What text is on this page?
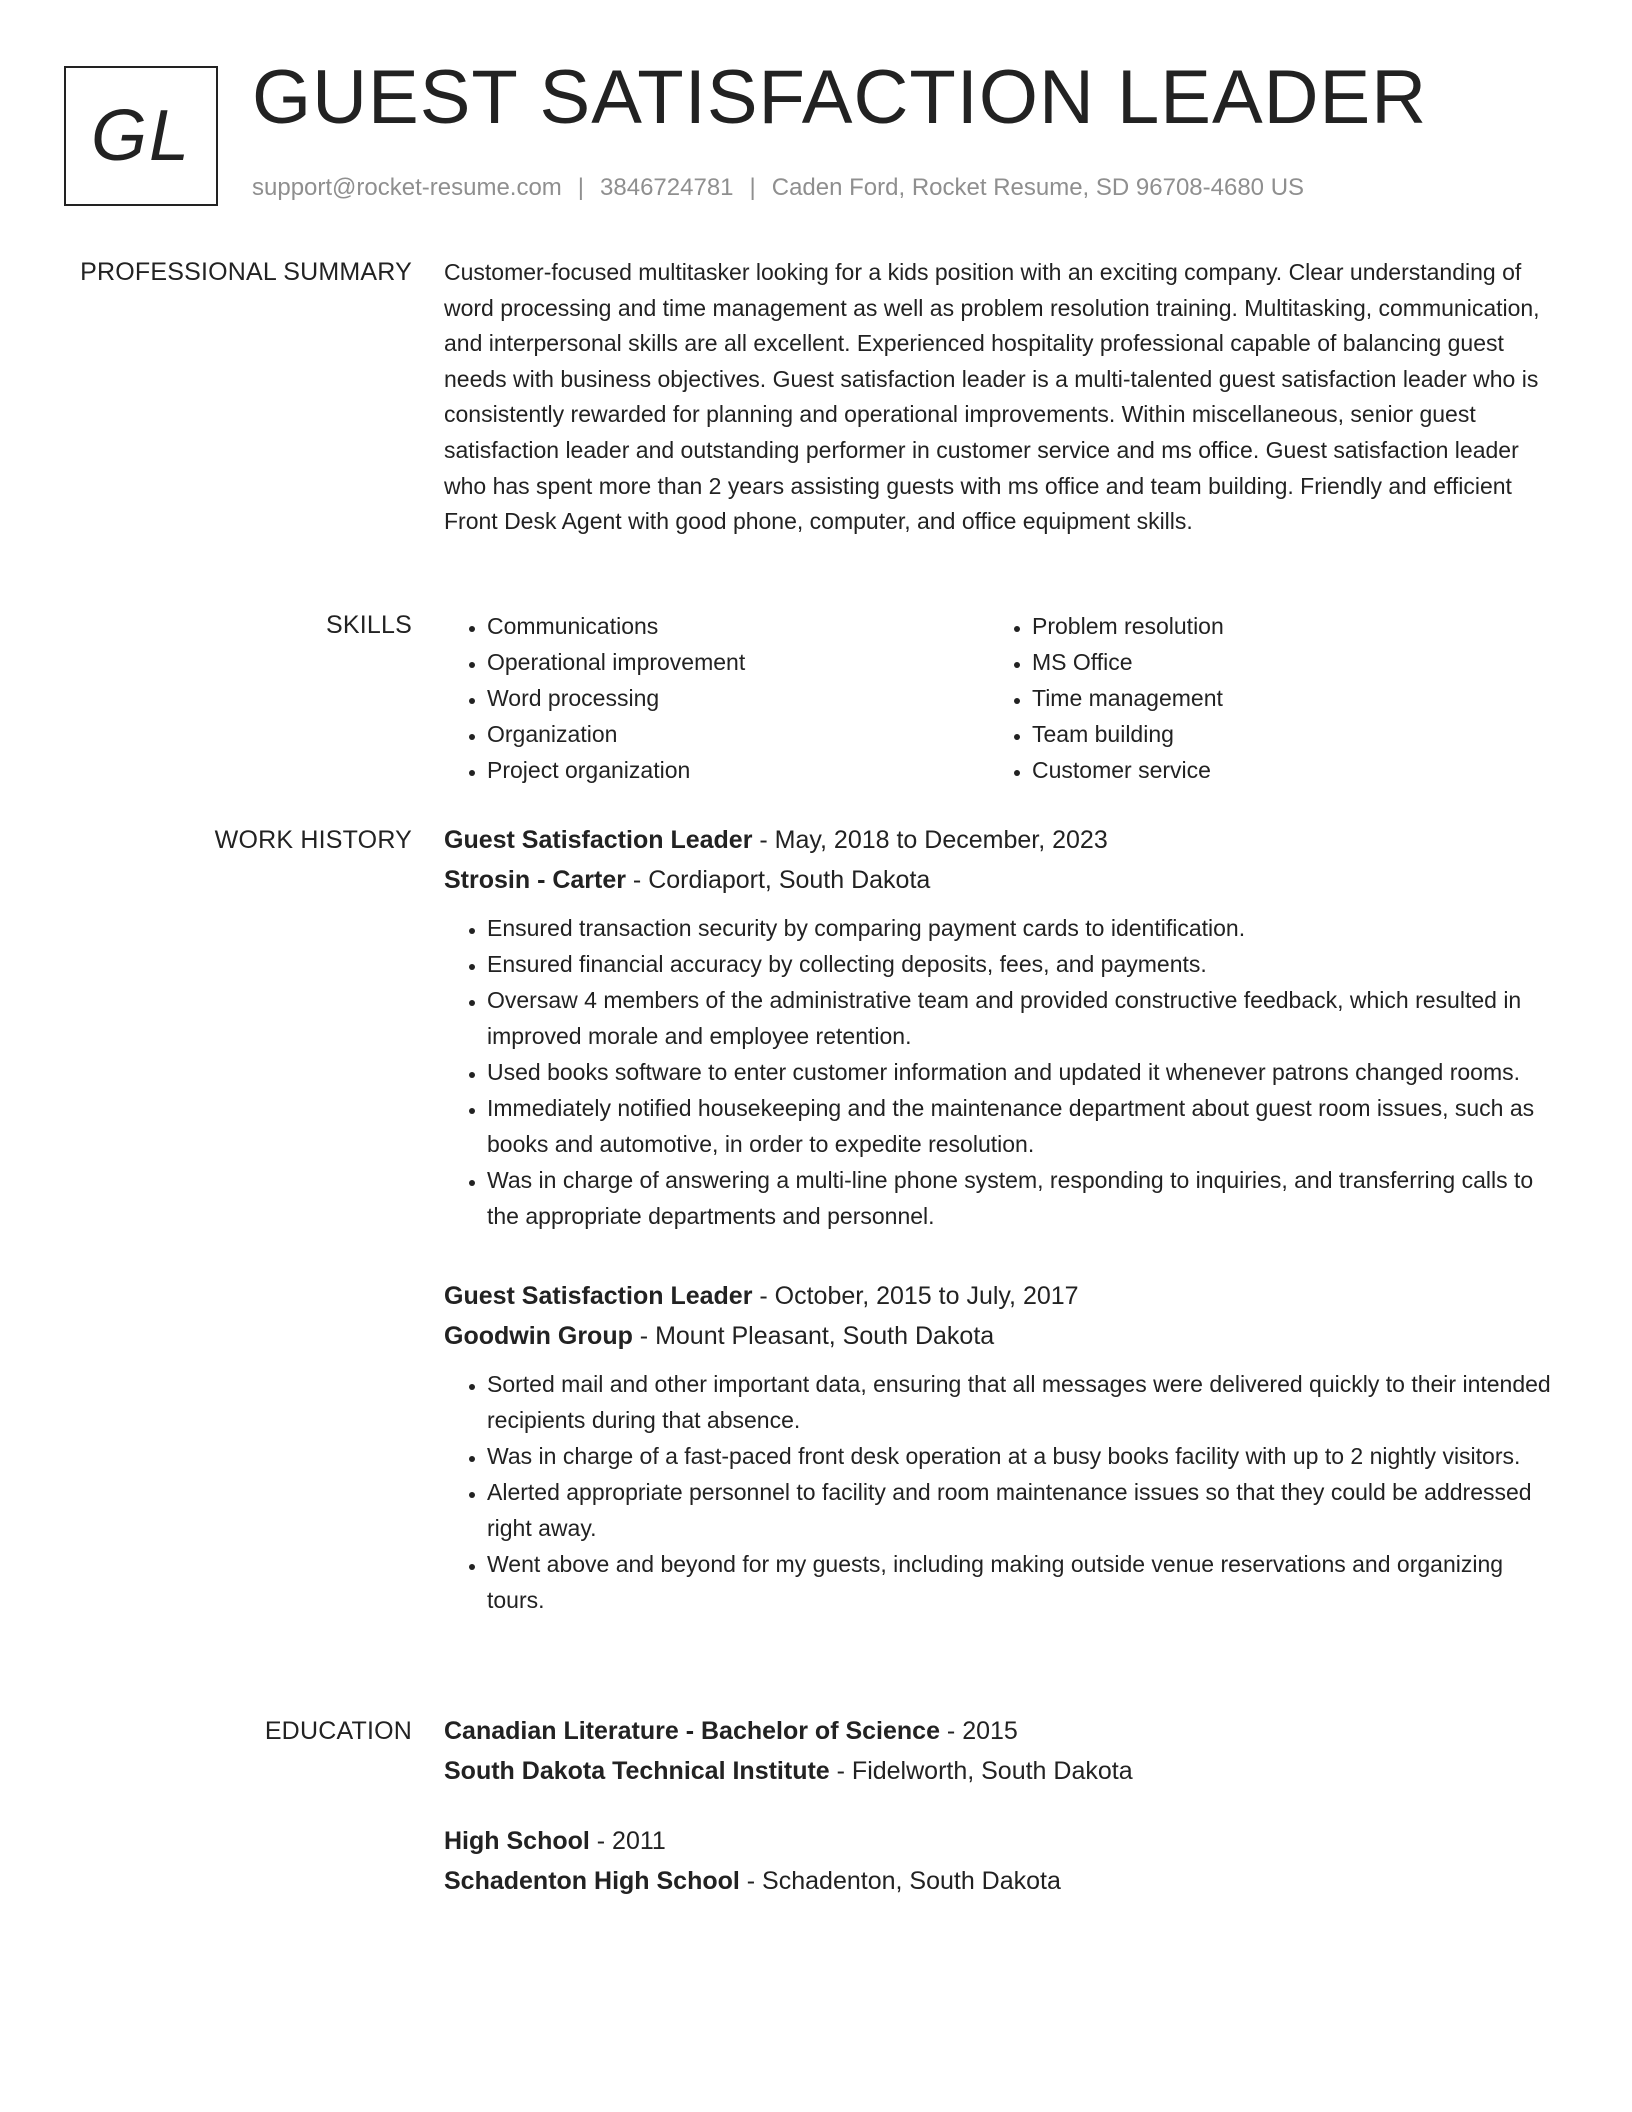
GL GUEST SATISFACTION LEADER
support@rocket-resume.com | 3846724781 | Caden Ford, Rocket Resume, SD 96708-4680 US
PROFESSIONAL SUMMARY Customer-focused multitasker looking for a kids position with an exciting company. Clear understanding of word processing and time management as well as problem resolution training. Multitasking, communication, and interpersonal skills are all excellent. Experienced hospitality professional capable of balancing guest needs with business objectives. Guest satisfaction leader is a multi-talented guest satisfaction leader who is consistently rewarded for planning and operational improvements. Within miscellaneous, senior guest satisfaction leader and outstanding performer in customer service and ms office. Guest satisfaction leader who has spent more than 2 years assisting guests with ms office and team building. Friendly and efficient Front Desk Agent with good phone, computer, and office equipment skills.

SKILLS
•	Communications
• Operational improvement
• Word processing
• Organization
• Project organization
• Problem resolution
• MS Office
• Time management
• Team building
• Customer service
WORK HISTORY Guest Satisfaction Leader - May, 2018 to December, 2023
Strosin - Carter - Cordiaport, South Dakota
• Ensured transaction security by comparing payment cards to identification.
• Ensured financial accuracy by collecting deposits, fees, and payments.
• Oversaw 4 members of the administrative team and provided constructive feedback, which resulted in improved morale and employee retention.
• Used books software to enter customer information and updated it whenever patrons changed rooms.
• Immediately notified housekeeping and the maintenance department about guest room issues, such as books and automotive, in order to expedite resolution.
• Was in charge of answering a multi-line phone system, responding to inquiries, and transferring calls to the appropriate departments and personnel.
Guest Satisfaction Leader - October, 2015 to July, 2017
Goodwin Group - Mount Pleasant, South Dakota
• Sorted mail and other important data, ensuring that all messages were delivered quickly to their intended recipients during that absence.
• Was in charge of a fast-paced front desk operation at a busy books facility with up to 2 nightly visitors.
• Alerted appropriate personnel to facility and room maintenance issues so that they could be addressed right away.
• Went above and beyond for my guests, including making outside venue reservations and organizing tours.
EDUCATION Canadian Literature - Bachelor of Science - 2015
South Dakota Technical Institute - Fidelworth, South Dakota
High School - 2011
Schadenton High School - Schadenton, South Dakota
